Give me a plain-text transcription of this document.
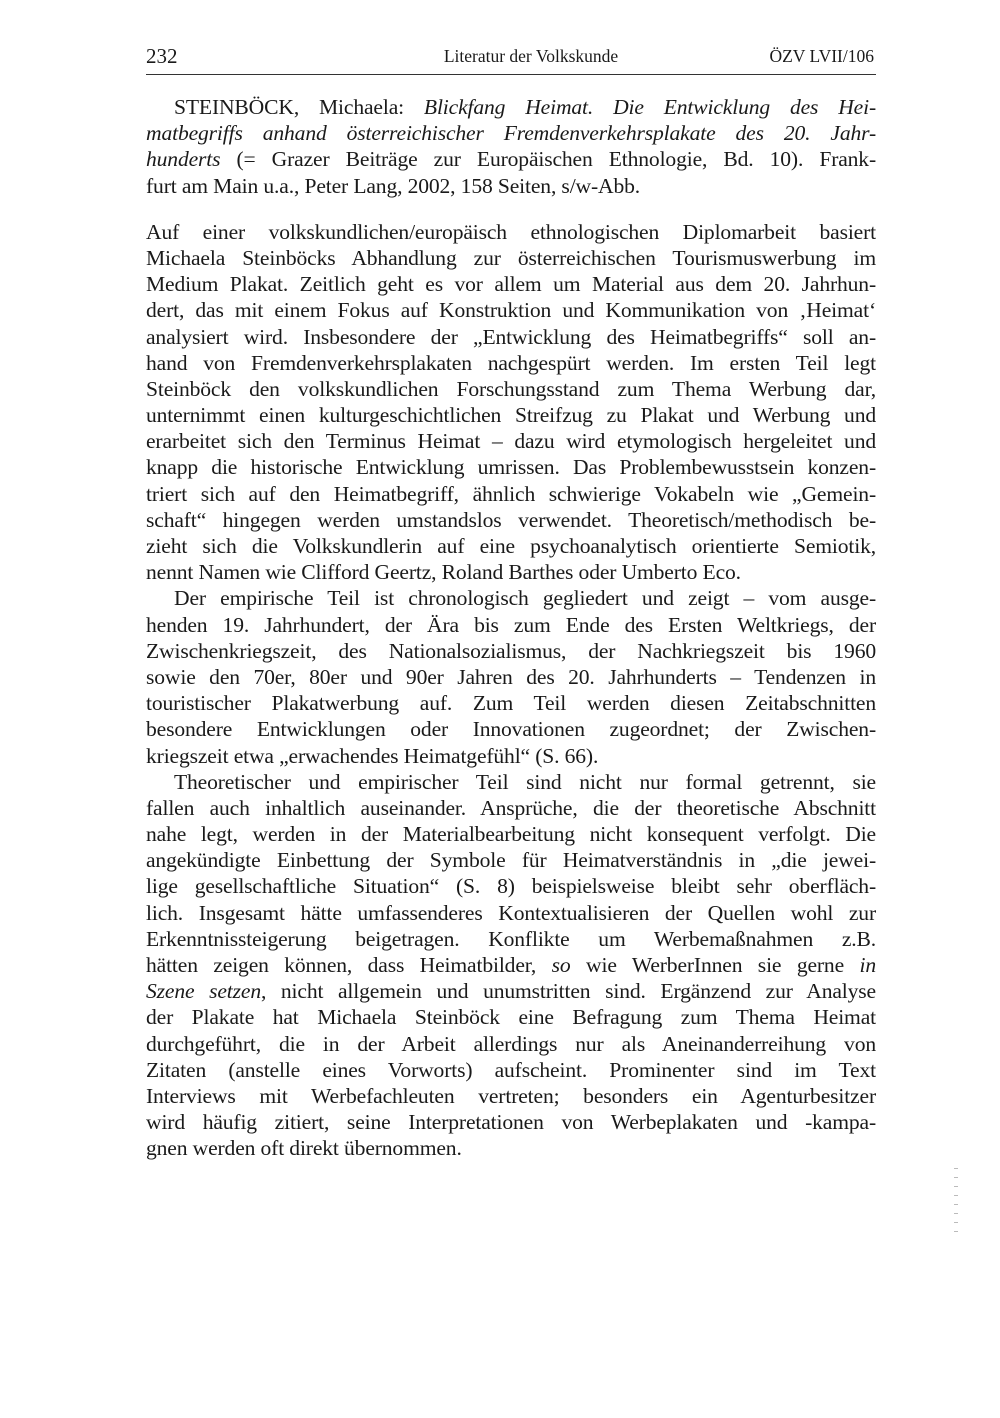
232	Literatur der Volkskunde	ÖZV LVII/106
STEINBÖCK, Michaela: Blickfang Heimat. Die Entwicklung des Hei-
matbegriffs anhand österreichischer Fremdenverkehrsplakate des 20. Jahr-
hunderts (= Grazer Beiträge zur Europäischen Ethnologie, Bd. 10). Frank-
furt am Main u.a., Peter Lang, 2002, 158 Seiten, s/w-Abb.
Auf einer volkskundlichen/europäisch ethnologischen Diplomarbeit basiert
Michaela Steinböcks Abhandlung zur österreichischen Tourismuswerbung im
Medium Plakat. Zeitlich geht es vor allem um Material aus dem 20. Jahrhun-
dert, das mit einem Fokus auf Konstruktion und Kommunikation von ‚Heimat‘
analysiert wird. Insbesondere der „Entwicklung des Heimatbegriffs“ soll an-
hand von Fremdenverkehrsplakaten nachgespürt werden. Im ersten Teil legt
Steinböck den volkskundlichen Forschungsstand zum Thema Werbung dar,
unternimmt einen kulturgeschichtlichen Streifzug zu Plakat und Werbung und
erarbeitet sich den Terminus Heimat – dazu wird etymologisch hergeleitet und
knapp die historische Entwicklung umrissen. Das Problembewusstsein konzen-
triert sich auf den Heimatbegriff, ähnlich schwierige Vokabeln wie „Gemein-
schaft“ hingegen werden umstandslos verwendet. Theoretisch/methodisch be-
zieht sich die Volkskundlerin auf eine psychoanalytisch orientierte Semiotik,
nennt Namen wie Clifford Geertz, Roland Barthes oder Umberto Eco.
Der empirische Teil ist chronologisch gegliedert und zeigt – vom ausge-
henden 19. Jahrhundert, der Ära bis zum Ende des Ersten Weltkriegs, der
Zwischenkriegszeit, des Nationalsozialismus, der Nachkriegszeit bis 1960
sowie den 70er, 80er und 90er Jahren des 20. Jahrhunderts – Tendenzen in
touristischer Plakatwerbung auf. Zum Teil werden diesen Zeitabschnitten
besondere Entwicklungen oder Innovationen zugeordnet; der Zwischen-
kriegszeit etwa „erwachendes Heimatgefühl“ (S. 66).
Theoretischer und empirischer Teil sind nicht nur formal getrennt, sie
fallen auch inhaltlich auseinander. Ansprüche, die der theoretische Abschnitt
nahe legt, werden in der Materialbearbeitung nicht konsequent verfolgt. Die
angekündigte Einbettung der Symbole für Heimatverständnis in „die jewei-
lige gesellschaftliche Situation“ (S. 8) beispielsweise bleibt sehr oberfläch-
lich. Insgesamt hätte umfassenderes Kontextualisieren der Quellen wohl zur
Erkenntnissteigerung beigetragen. Konflikte um Werbemaßnahmen z.B.
hätten zeigen können, dass Heimatbilder, so wie WerberInnen sie gerne in
Szene setzen, nicht allgemein und unumstritten sind. Ergänzend zur Analyse
der Plakate hat Michaela Steinböck eine Befragung zum Thema Heimat
durchgeführt, die in der Arbeit allerdings nur als Aneinanderreihung von
Zitaten (anstelle eines Vorworts) aufscheint. Prominenter sind im Text
Interviews mit Werbefachleuten vertreten; besonders ein Agenturbesitzer
wird häufig zitiert, seine Interpretationen von Werbeplakaten und -kampa-
gnen werden oft direkt übernommen.
